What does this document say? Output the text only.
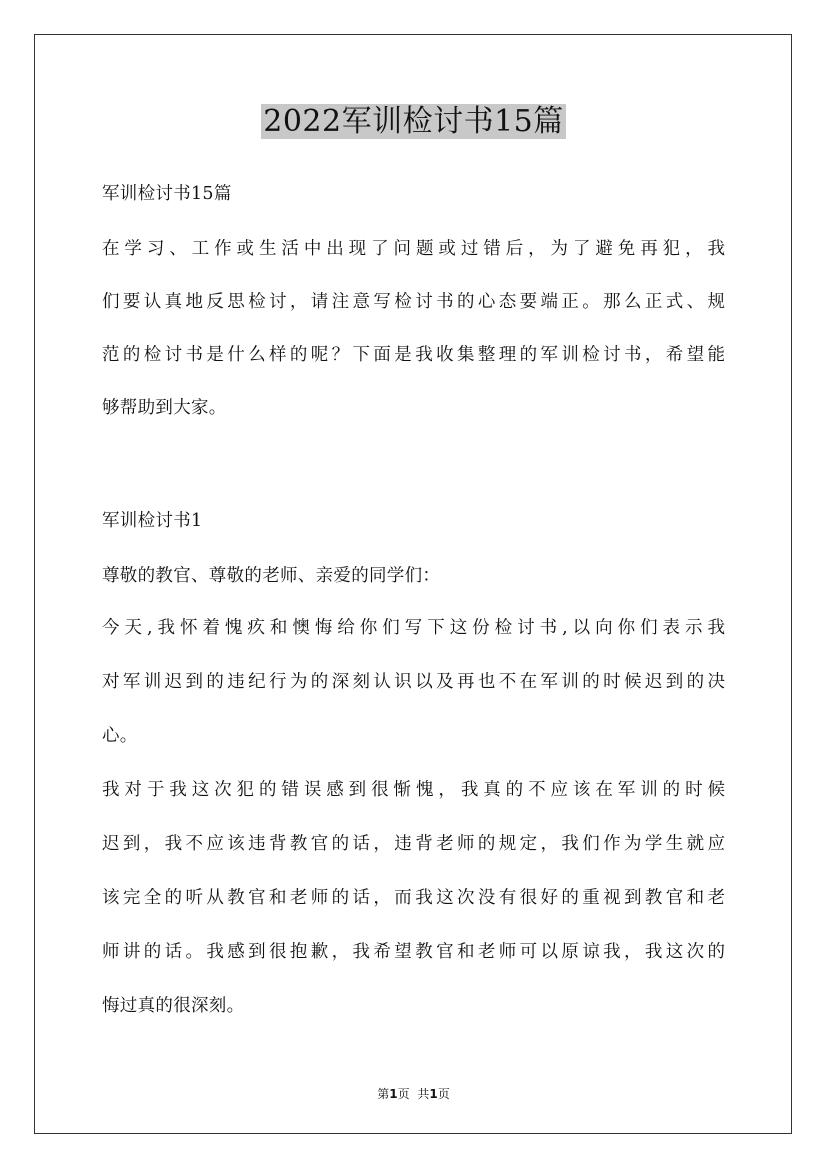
2022军训检讨书15篇
军训检讨书15篇
在学习、工作或生活中出现了问题或过错后，为了避免再犯，我
们要认真地反思检讨，请注意写检讨书的心态要端正。那么正式、规
范的检讨书是什么样的呢？下面是我收集整理的军训检讨书，希望能
够帮助到大家。
军训检讨书1
尊敬的教官、尊敬的老师、亲爱的同学们：
今天,我怀着愧疚和懊悔给你们写下这份检讨书,以向你们表示我
对军训迟到的违纪行为的深刻认识以及再也不在军训的时候迟到的决
心。
我对于我这次犯的错误感到很惭愧，我真的不应该在军训的时候
迟到，我不应该违背教官的话，违背老师的规定，我们作为学生就应
该完全的听从教官和老师的话，而我这次没有很好的重视到教官和老
师讲的话。我感到很抱歉，我希望教官和老师可以原谅我，我这次的
悔过真的很深刻。
第1页 共1页
